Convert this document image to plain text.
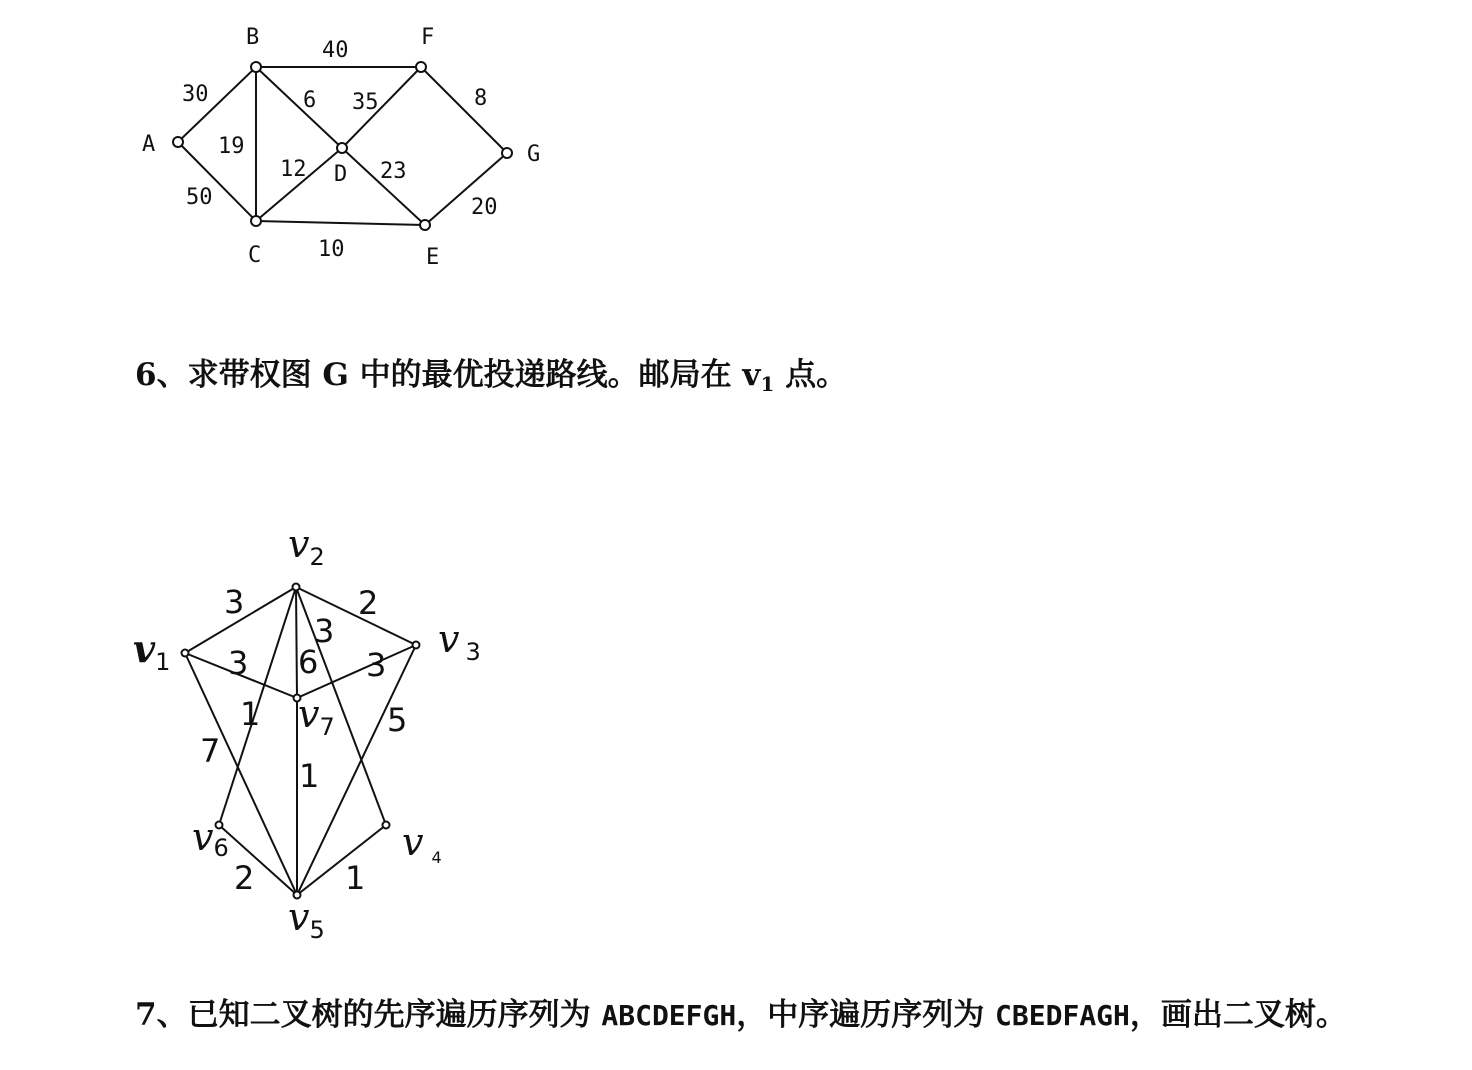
A
B
C
D
E
F
G
30
50
19
40
6
12
10
35
23
8
20
6、求带权图 G 中的最优投递路线。邮局在 $v_1$ 点。
v1
v2
v 3
v 4
v5
v6
v7
3	2
3
3 6 3
1
7
5
1
2	1
7、已知二叉树的先序遍历序列为 ABCDEFGH，中序遍历序列为 CBEDFAGH，画出二叉树。
